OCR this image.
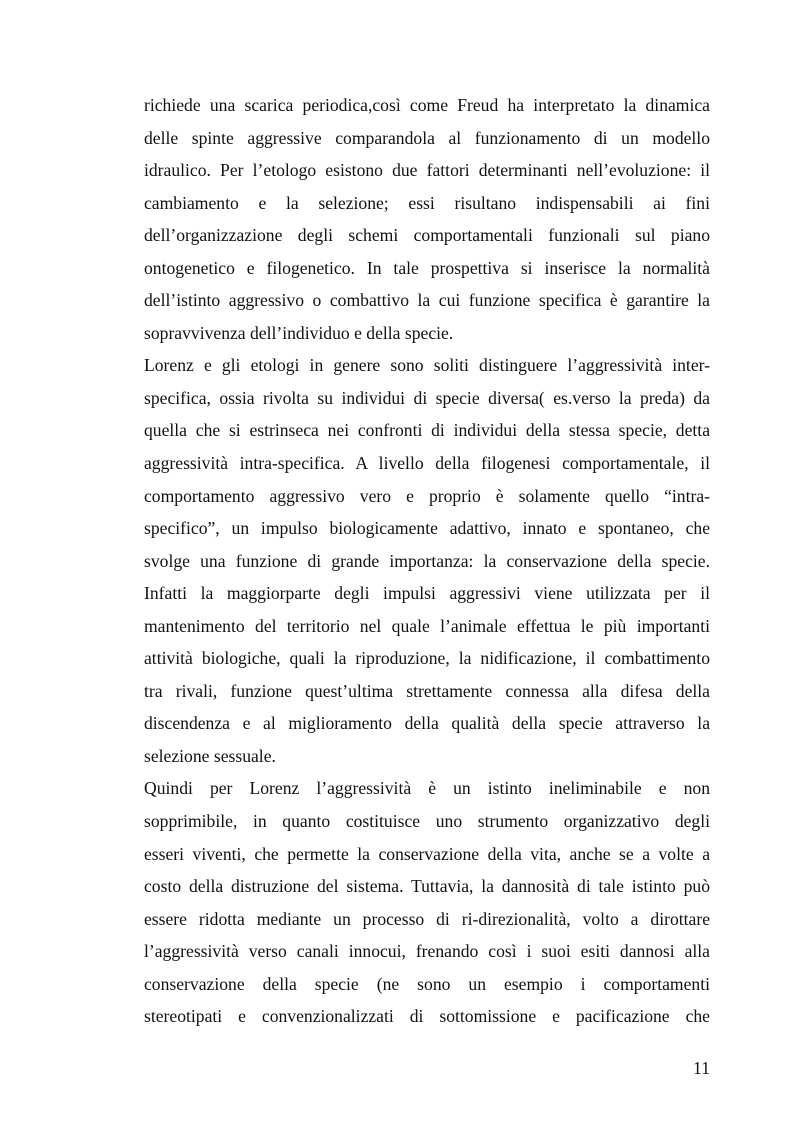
richiede una scarica periodica,così come Freud ha interpretato la dinamica
delle spinte aggressive comparandola al funzionamento di un modello
idraulico. Per l’etologo esistono due fattori determinanti nell’evoluzione: il
cambiamento e la selezione; essi risultano indispensabili ai fini
dell’organizzazione degli schemi comportamentali funzionali sul piano
ontogenetico e filogenetico. In tale prospettiva si inserisce la normalità
dell’istinto aggressivo o combattivo la cui funzione specifica è garantire la
sopravvivenza dell’individuo e della specie.
Lorenz e gli etologi in genere sono soliti distinguere l’aggressività inter-
specifica, ossia rivolta su individui di specie diversa( es.verso la preda) da
quella che si estrinseca nei confronti di individui della stessa specie, detta
aggressività intra-specifica. A livello della filogenesi comportamentale, il
comportamento aggressivo vero e proprio è solamente quello “intra-
specifico”, un impulso biologicamente adattivo, innato e spontaneo, che
svolge una funzione di grande importanza: la conservazione della specie.
Infatti la maggiorparte degli impulsi aggressivi viene utilizzata per il
mantenimento del territorio nel quale l’animale effettua le più importanti
attività biologiche, quali la riproduzione, la nidificazione, il combattimento
tra rivali, funzione quest’ultima strettamente connessa alla difesa della
discendenza e al miglioramento della qualità della specie attraverso la
selezione sessuale.
Quindi per Lorenz l’aggressività è un istinto ineliminabile e non
sopprimibile, in quanto costituisce uno strumento organizzativo degli
esseri viventi, che permette la conservazione della vita, anche se a volte a
costo della distruzione del sistema. Tuttavia, la dannosità di tale istinto può
essere ridotta mediante un processo di ri-direzionalità, volto a dirottare
l’aggressività verso canali innocui, frenando così i suoi esiti dannosi alla
conservazione della specie (ne sono un esempio i comportamenti
stereotipati e convenzionalizzati di sottomissione e pacificazione che
11
